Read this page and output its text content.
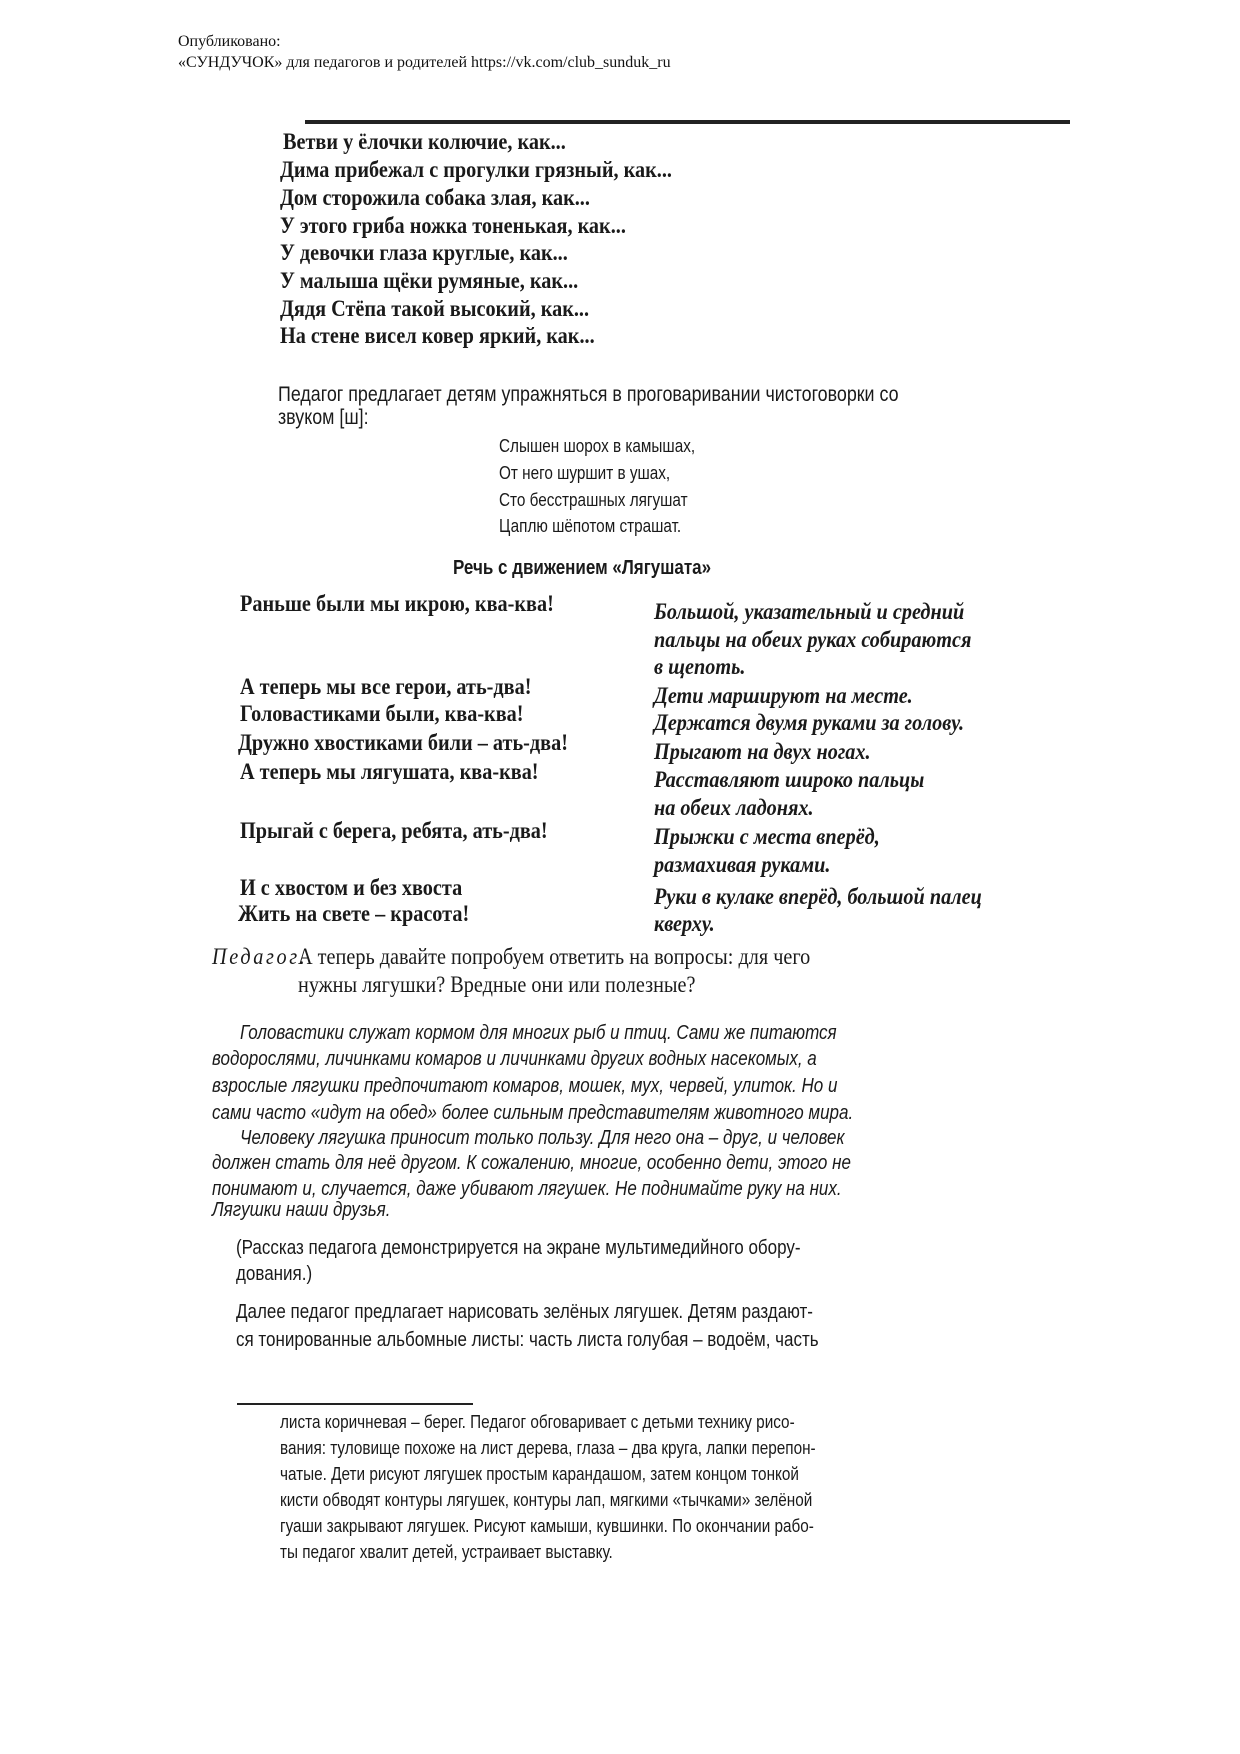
Опубликовано:
«СУНДУЧОК» для педагогов и родителей https://vk.com/club_sunduk_ru
Ветви у ёлочки колючие, как...
Дима прибежал с прогулки грязный, как...
Дом сторожила собака злая, как...
У этого гриба ножка тоненькая, как...
У девочки глаза круглые, как...
У малыша щёки румяные, как...
Дядя Стёпа такой высокий, как...
На стене висел ковер яркий, как...
Педагог предлагает детям упражняться в проговаривании чистоговорки со
звуком [ш]:
Слышен шорох в камышах,
От него шуршит в ушах,
Сто бесстрашных лягушат
Цаплю шёпотом страшат.
Речь с движением «Лягушата»
Раньше были мы икрою, ква-ква!
А теперь мы все герои, ать-два!
Головастиками были, ква-ква!
Дружно хвостиками били – ать-два!
А теперь мы лягушата, ква-ква!
Прыгай с берега, ребята, ать-два!
И с хвостом и без хвоста
Жить на свете – красота!
Большой, указательный и средний
пальцы на обеих руках собираются
в щепоть.
Дети маршируют на месте.
Держатся двумя руками за голову.
Прыгают на двух ногах.
Расставляют широко пальцы
на обеих ладонях.
Прыжки с места вперёд,
размахивая руками.
Руки в кулаке вперёд, большой палец
кверху.
Педагог.
А теперь давайте попробуем ответить на вопросы: для чего
нужны лягушки? Вредные они или полезные?
Головастики служат кормом для многих рыб и птиц. Сами же питаются
водорослями, личинками комаров и личинками других водных насекомых, а
взрослые лягушки предпочитают комаров, мошек, мух, червей, улиток. Но и
сами часто «идут на обед» более сильным представителям животного мира.
Человеку лягушка приносит только пользу. Для него она – друг, и человек
должен стать для неё другом. К сожалению, многие, особенно дети, этого не
понимают и, случается, даже убивают лягушек. Не поднимайте руку на них.
Лягушки наши друзья.
(Рассказ педагога демонстрируется на экране мультимедийного обору-
дования.)
Далее педагог предлагает нарисовать зелёных лягушек. Детям раздают-
ся тонированные альбомные листы: часть листа голубая – водоём, часть
листа коричневая – берег. Педагог обговаривает с детьми технику рисо-
вания: туловище похоже на лист дерева, глаза – два круга, лапки перепон-
чатые. Дети рисуют лягушек простым карандашом, затем концом тонкой
кисти обводят контуры лягушек, контуры лап, мягкими «тычками» зелёной
гуаши закрывают лягушек. Рисуют камыши, кувшинки. По окончании рабо-
ты педагог хвалит детей, устраивает выставку.
